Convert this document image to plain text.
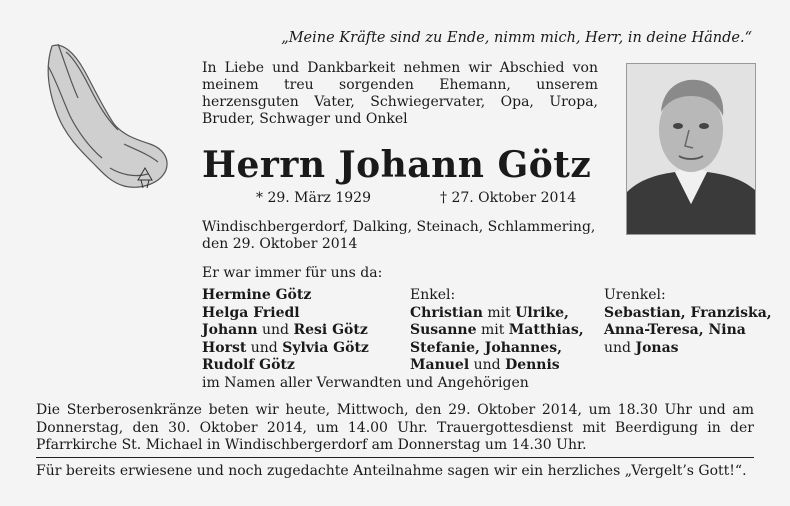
„Meine Kräfte sind zu Ende, nimm mich, Herr, in deine Hände.“
In Liebe und Dankbarkeit nehmen wir Abschied von meinem treu sorgenden Ehemann, unserem herzensguten Vater, Schwiegervater, Opa, Uropa, Bruder, Schwager und Onkel
Herrn Johann Götz
* 29. März 1929	† 27. Oktober 2014
Windischbergerdorf, Dalking, Steinach, Schlammering, den 29. Oktober 2014
Er war immer für uns da:
Hermine Götz
Helga Friedl
Johann und Resi Götz
Horst und Sylvia Götz
Rudolf Götz
Enkel:
Christian mit Ulrike,
Susanne mit Matthias,
Stefanie, Johannes,
Manuel und Dennis
Urenkel:
Sebastian, Franziska,
Anna-Teresa, Nina
und Jonas
im Namen aller Verwandten und Angehörigen
Die Sterberosenkränze beten wir heute, Mittwoch, den 29. Oktober 2014, um 18.30 Uhr und am Donnerstag, den 30. Oktober 2014, um 14.00 Uhr. Trauergottesdienst mit Beerdigung in der Pfarrkirche St. Michael in Windischbergerdorf am Donnerstag um 14.30 Uhr.
Für bereits erwiesene und noch zugedachte Anteilnahme sagen wir ein herzliches „Vergelt’s Gott!“.
